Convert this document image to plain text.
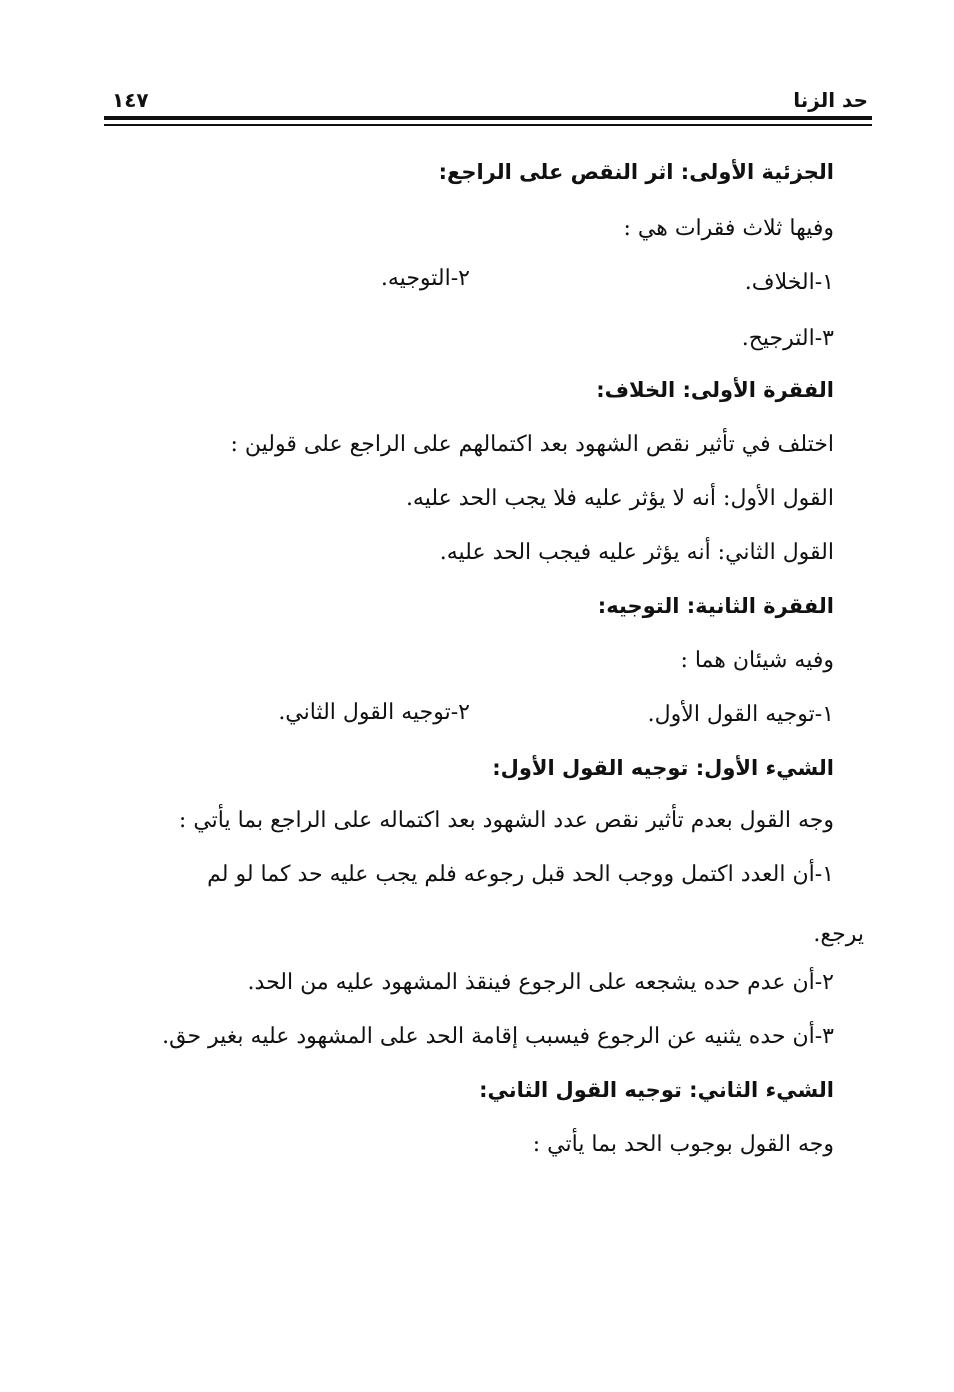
حد الزنا
١٤٧
الجزئية الأولى: اثر النقص على الراجع:
وفيها ثلاث فقرات هي :
١-الخلاف.
٢-التوجيه.
٣-الترجيح.
الفقرة الأولى: الخلاف:
اختلف في تأثير نقص الشهود بعد اكتمالهم على الراجع على قولين :
القول الأول: أنه لا يؤثر عليه فلا يجب الحد عليه.
القول الثاني: أنه يؤثر عليه فيجب الحد عليه.
الفقرة الثانية: التوجيه:
وفيه شيئان هما :
١-توجيه القول الأول.
٢-توجيه القول الثاني.
الشيء الأول: توجيه القول الأول:
وجه القول بعدم تأثير نقص عدد الشهود بعد اكتماله على الراجع بما يأتي :
١-أن العدد اكتمل ووجب الحد قبل رجوعه فلم يجب عليه حد كما لو لم
يرجع.
٢-أن عدم حده يشجعه على الرجوع فينقذ المشهود عليه من الحد.
٣-أن حده يثنيه عن الرجوع فيسبب إقامة الحد على المشهود عليه بغير حق.
الشيء الثاني: توجيه القول الثاني:
وجه القول بوجوب الحد بما يأتي :
